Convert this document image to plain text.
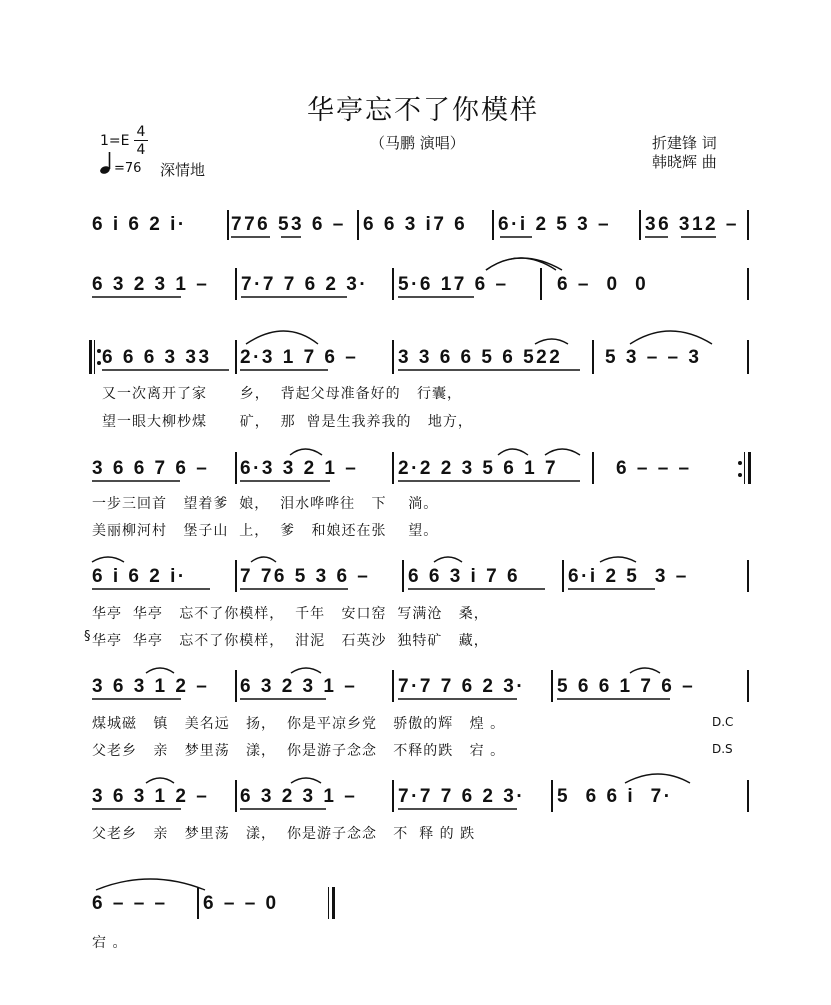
华亭忘不了你模样
（马鹏 演唱）	折建锋 词
韩晓辉 曲
1=E
4
4
=76 深情地
6 i 6 2 i· 776 53 6 – 6 6 3 i7 6 6·i 2 5 3 – 36 312 –
6 3 2 3 1 – 7·7 7 6 2 3· 5·6 17 6 –	6 –  0  0
6 6 6 3 33 2·3 1 7 6 – 3 3 6 6 5 6 522 5 3 – – 3
又一次离开了家      乡，  背起父母准备好的   行囊，
望一眼大柳杪煤      矿，  那  曾是生我养我的   地方，
3 6 6 7 6 – 6·3 3 2 1 – 2·2 2 3 5 6 1 7	6 – – –
一步三回首   望着爹  娘，  泪水哗哗往   下    淌。
美丽柳河村   堡子山  上，  爹   和娘还在张    望。
6 i 6 2 i·	7 76 5 3 6 – 6 6 3 i 7 6	6·i 2 5  3 –
华亭  华亭   忘不了你模样，  千年   安口窑  写满沧   桑，
华亭  华亭   忘不了你模样，  泔泥   石英沙  独特矿   藏，
§
3 6 3 1 2 – 6 3 2 3 1 – 7·7 7 6 2 3· 5 6 6 1 7 6 –
煤城磁   镇   美名远   扬，  你是平凉乡党   骄傲的辉   煌 。
父老乡   亲   梦里荡   漾，  你是游子念念   不释的跌   宕 。
D.C
D.S
3 6 3 1 2 – 6 3 2 3 1 – 7·7 7 6 2 3· 5  6 6 i  7·
父老乡   亲   梦里荡   漾，  你是游子念念   不  释 的 跌
6 – – – 6 – – 0
宕 。
